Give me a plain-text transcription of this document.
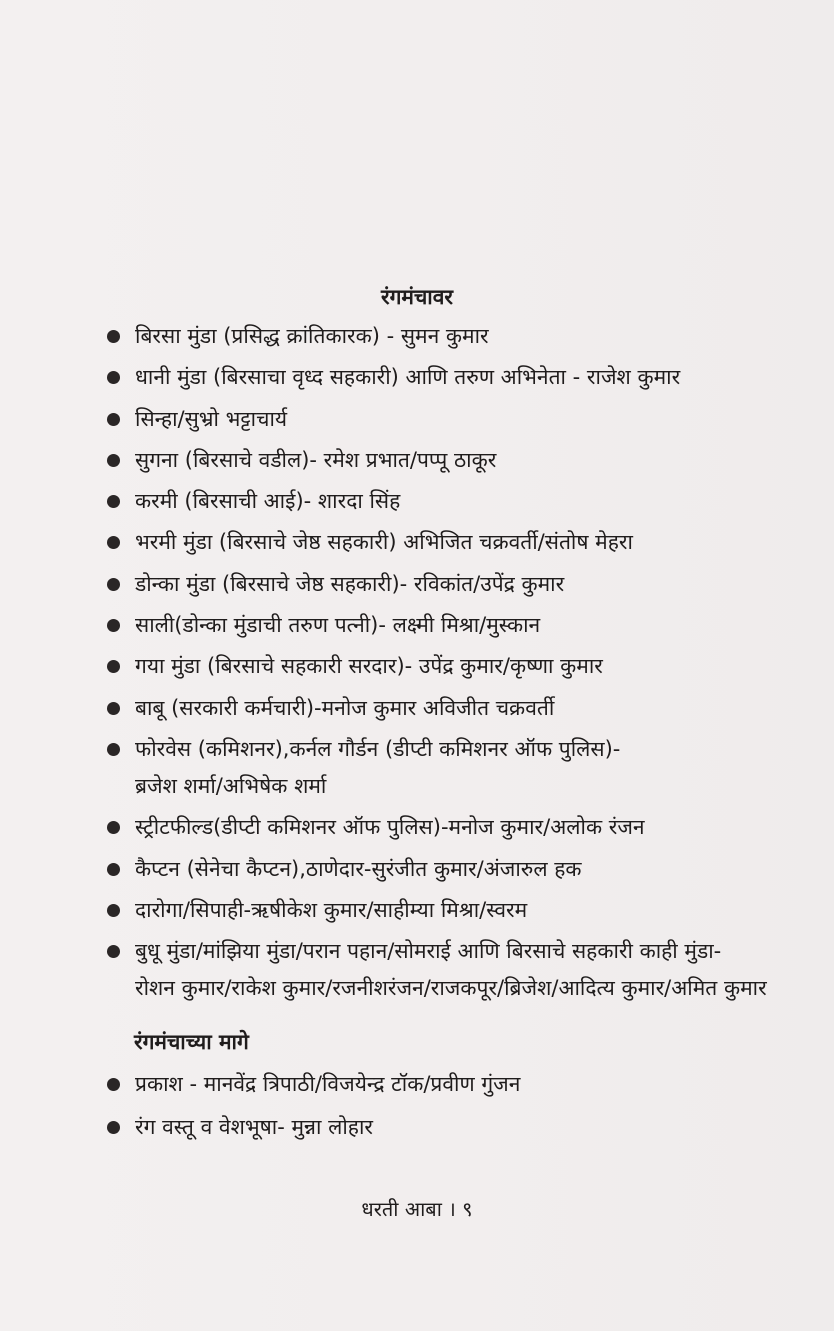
रंगमंचावर
बिरसा मुंडा (प्रसिद्ध क्रांतिकारक) - सुमन कुमार
धानी मुंडा (बिरसाचा वृध्द सहकारी) आणि तरुण अभिनेता - राजेश कुमार
सिन्हा/सुभ्रो भट्टाचार्य
सुगना (बिरसाचे वडील)- रमेश प्रभात/पप्पू ठाकूर
करमी (बिरसाची आई)- शारदा सिंह
भरमी मुंडा (बिरसाचे जेष्ठ सहकारी) अभिजित चक्रवर्ती/संतोष मेहरा
डोन्का मुंडा (बिरसाचे जेष्ठ सहकारी)- रविकांत/उपेंद्र कुमार
साली(डोन्का मुंडाची तरुण पत्नी)- लक्ष्मी मिश्रा/मुस्कान
गया मुंडा (बिरसाचे सहकारी सरदार)- उपेंद्र कुमार/कृष्णा कुमार
बाबू (सरकारी कर्मचारी)-मनोज कुमार अविजीत चक्रवर्ती
फोरवेस (कमिशनर),कर्नल गौर्डन (डीप्टी कमिशनर ऑफ पुलिस)-
ब्रजेश शर्मा/अभिषेक शर्मा
स्ट्रीटफील्ड(डीप्टी कमिशनर ऑफ पुलिस)-मनोज कुमार/अलोक रंजन
कैप्टन (सेनेचा कैप्टन),ठाणेदार-सुरंजीत कुमार/अंजारुल हक
दारोगा/सिपाही-ऋषीकेश कुमार/साहीम्या मिश्रा/स्वरम
बुधू मुंडा/मांझिया मुंडा/परान पहान/सोमराई आणि बिरसाचे सहकारी काही मुंडा-
रोशन कुमार/राकेश कुमार/रजनीशरंजन/राजकपूर/ब्रिजेश/आदित्य कुमार/अमित कुमार
रंगमंचाच्या मागे
प्रकाश - मानवेंद्र त्रिपाठी/विजयेन्द्र टॉक/प्रवीण गुंजन
रंग वस्तू व वेशभूषा- मुन्ना लोहार
धरती आबा । ९
